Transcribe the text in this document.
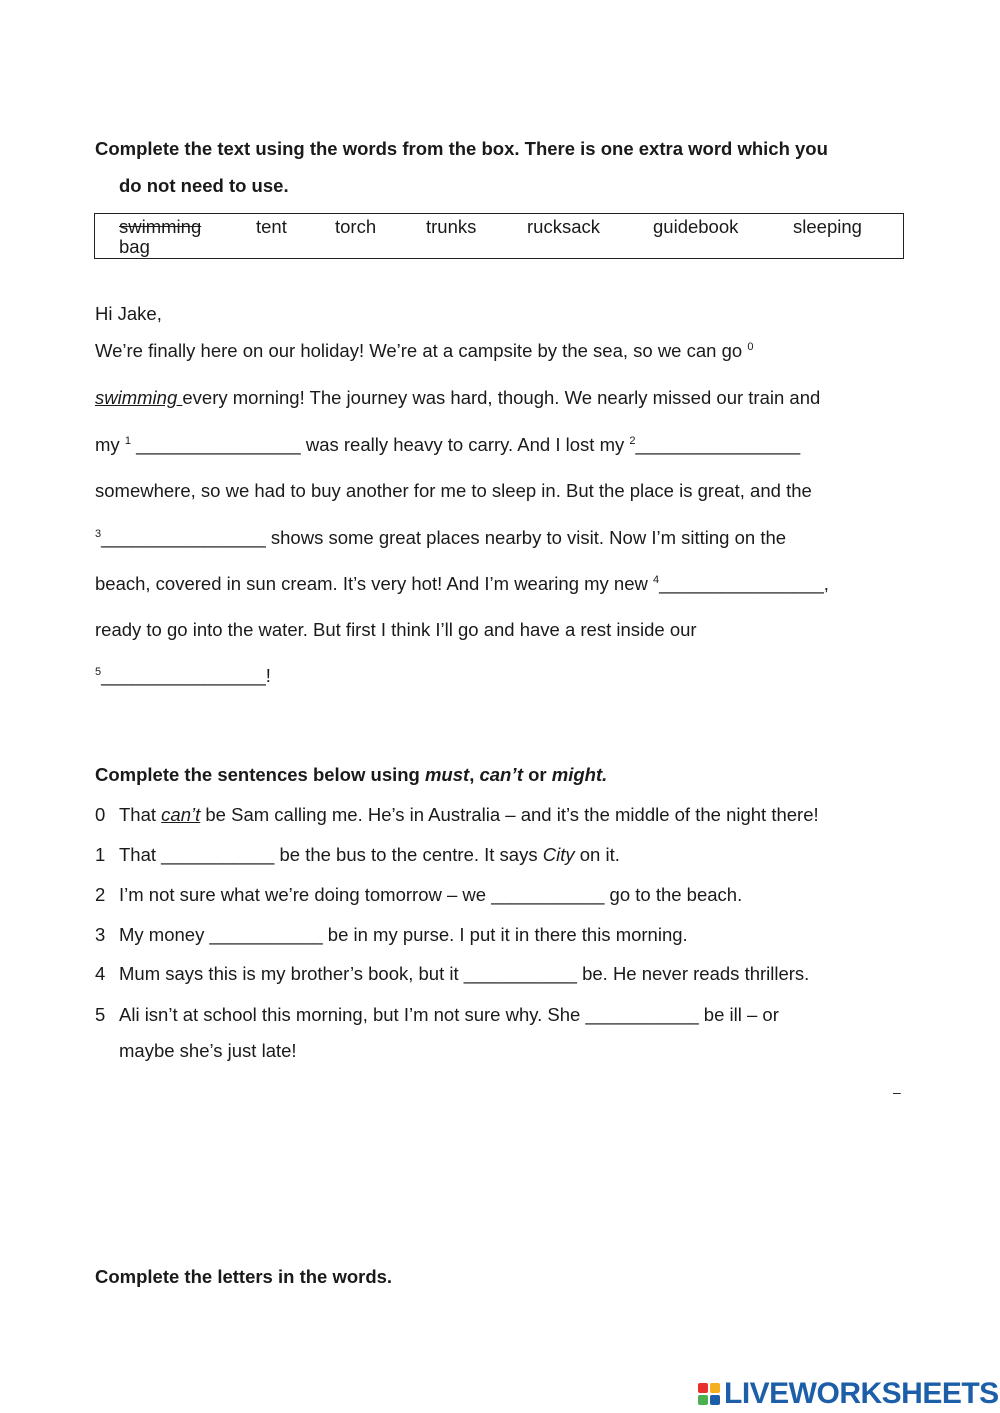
Complete the text using the words from the box. There is one extra word which you
do not need to use.
swimming	tent	torch	trunks	rucksack	guidebook	sleeping
bag
Hi Jake,
We’re finally here on our holiday! We’re at a campsite by the sea, so we can go $^0$
swimming every morning! The journey was hard, though. We nearly missed our train and
my $^1$ ________________ was really heavy to carry. And I lost my $^2$________________
somewhere, so we had to buy another for me to sleep in. But the place is great, and the
$^3$________________ shows some great places nearby to visit. Now I’m sitting on the
beach, covered in sun cream. It’s very hot! And I’m wearing my new $^4$________________,
ready to go into the water. But first I think I’ll go and have a rest inside our
$^5$________________!
Complete the sentences below using must, can’t or might.
0 That can’t be Sam calling me. He’s in Australia – and it’s the middle of the night there!
1 That ___________ be the bus to the centre. It says City on it.
2 I’m not sure what we’re doing tomorrow – we ___________ go to the beach.
3 My money ___________ be in my purse. I put it in there this morning.
4 Mum says this is my brother’s book, but it ___________ be. He never reads thrillers.
5 Ali isn’t at school this morning, but I’m not sure why. She ___________ be ill – or
maybe she’s just late!
–
Complete the letters in the words.
LIVEWORKSHEETS
